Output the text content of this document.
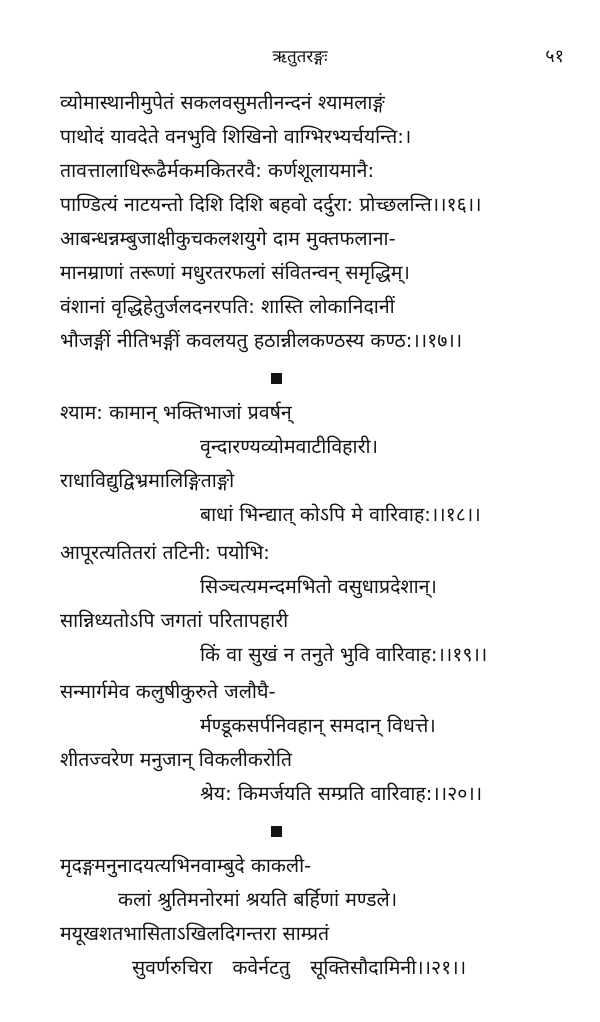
ऋतुतरङ्गः	५१
व्योमास्थानीमुपेतं सकलवसुमतीनन्दनं श्यामलाङ्गं
पाथोदं यावदेते वनभुवि शिखिनो वाग्भिरभ्यर्चयन्ति:।
तावत्तालाधिरूढैर्मकमकितरवै: कर्णशूलायमानै:
पाण्डित्यं नाटयन्तो दिशि दिशि बहवो दर्दुरा: प्रोच्छलन्ति।।१६।।
आबन्धन्नम्बुजाक्षीकुचकलशयुगे दाम मुक्तफलाना-
मानम्राणां तरूणां मधुरतरफलां संवितन्वन् समृद्धिम्।
वंशानां वृद्धिहेतुर्जलदनरपति: शास्ति लोकानिदानीं
भौजङ्गीं नीतिभङ्गीं कवलयतु हठान्नीलकण्ठस्य कण्ठ:।।१७।।
श्याम: कामान् भक्तिभाजां प्रवर्षन्
वृन्दारण्यव्योमवाटीविहारी।
राधाविद्युद्विभ्रमालिङ्गिताङ्गो
बाधां भिन्द्यात् कोऽपि मे वारिवाह:।।१८।।
आपूरत्यतितरां तटिनी: पयोभि:
सिञ्चत्यमन्दमभितो वसुधाप्रदेशान्।
सान्निध्यतोऽपि जगतां परितापहारी
किं वा सुखं न तनुते भुवि वारिवाह:।।१९।।
सन्मार्गमेव कलुषीकुरुते जलौघै-
र्मण्डूकसर्पनिवहान् समदान् विधत्ते।
शीतज्वरेण मनुजान् विकलीकरोति
श्रेय: किमर्जयति सम्प्रति वारिवाह:।।२०।।
मृदङ्गमनुनादयत्यभिनवाम्बुदे काकली-
कलां श्रुतिमनोरमां श्रयति बर्हिणां मण्डले।
मयूखशतभासिताऽखिलदिगन्तरा साम्प्रतं
सुवर्णरुचिरा कवेर्नटतु सूक्तिसौदामिनी।।२१।।
